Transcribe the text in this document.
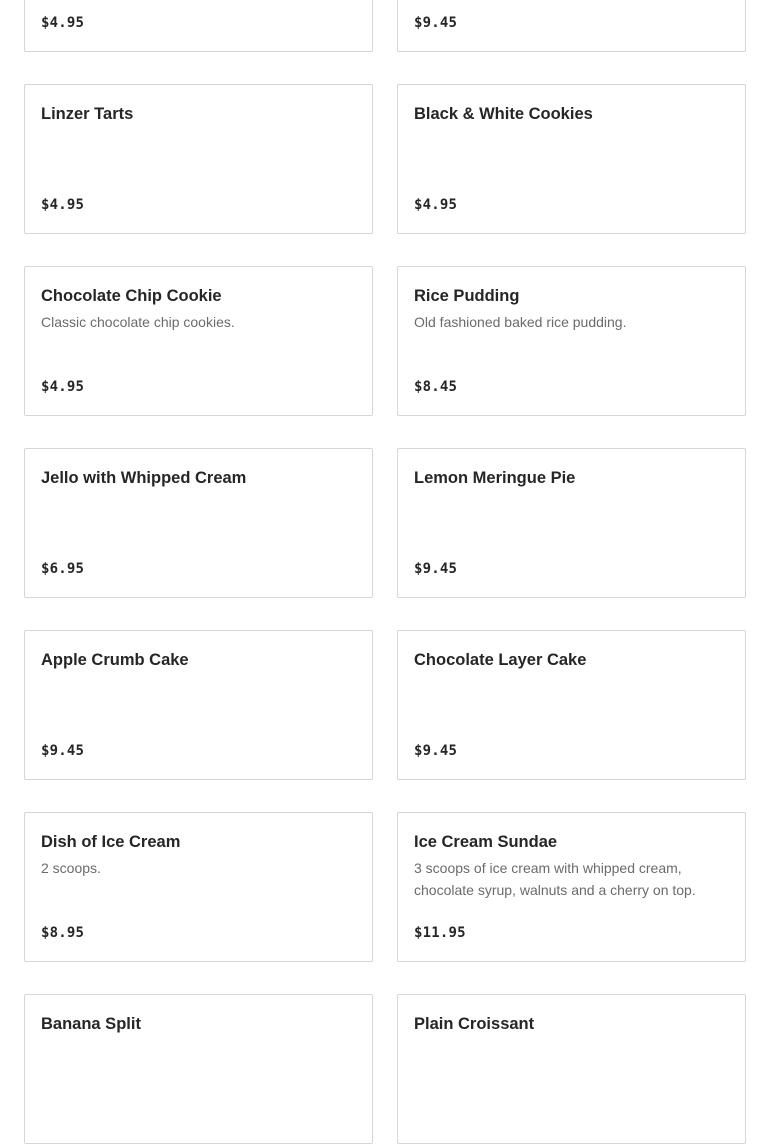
$4.95	$9.45
Linzer Tarts
$4.95
Black & White Cookies
$4.95
Chocolate Chip Cookie
Classic chocolate chip cookies.
$4.95
Rice Pudding
Old fashioned baked rice pudding.
$8.45
Jello with Whipped Cream
$6.95
Lemon Meringue Pie
$9.45
Apple Crumb Cake
$9.45
Chocolate Layer Cake
$9.45
Dish of Ice Cream
2 scoops.
$8.95
Ice Cream Sundae
3 scoops of ice cream with whipped cream, chocolate syrup, walnuts and a cherry on top.
$11.95
Banana Split	Plain Croissant
